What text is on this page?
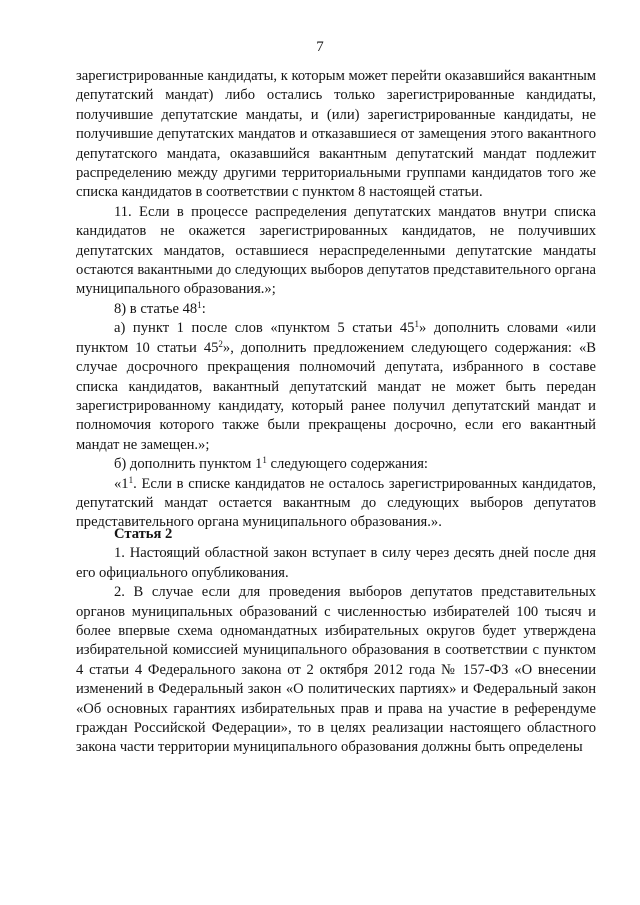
7

зарегистрированные кандидаты, к которым может перейти оказавшийся вакантным депутатский мандат) либо остались только зарегистрированные кандидаты, получившие депутатские мандаты, и (или) зарегистрированные кандидаты, не получившие депутатских мандатов и отказавшиеся от замещения этого вакантного депутатского мандата, оказавшийся вакантным депутатский мандат подлежит распределению между другими территориальными группами кандидатов того же списка кандидатов в соответствии с пунктом 8 настоящей статьи.

11. Если в процессе распределения депутатских мандатов внутри списка кандидатов не окажется зарегистрированных кандидатов, не получивших депутатских мандатов, оставшиеся нераспределенными депутатские мандаты остаются вакантными до следующих выборов депутатов представительного органа муниципального образования.»;

8) в статье $48^1$:

а) пункт 1 после слов «пунктом 5 статьи $45^1$» дополнить словами «или пунктом 10 статьи $45^2$», дополнить предложением следующего содержания: «В случае досрочного прекращения полномочий депутата, избранного в составе списка кандидатов, вакантный депутатский мандат не может быть передан зарегистрированному кандидату, который ранее получил депутатский мандат и полномочия которого также были прекращены досрочно, если его вакантный мандат не замещен.»;

б) дополнить пунктом $1^1$ следующего содержания:

«$1^1$. Если в списке кандидатов не осталось зарегистрированных кандидатов, депутатский мандат остается вакантным до следующих выборов депутатов представительного органа муниципального образования.».

Статья 2

1. Настоящий областной закон вступает в силу через десять дней после дня его официального опубликования.

2. В случае если для проведения выборов депутатов представительных органов муниципальных образований с численностью избирателей 100 тысяч и более впервые схема одномандатных избирательных округов будет утверждена избирательной комиссией муниципального образования в соответствии с пунктом 4 статьи 4 Федерального закона от 2 октября 2012 года № 157-ФЗ «О внесении изменений в Федеральный закон «О политических партиях» и Федеральный закон «Об основных гарантиях избирательных прав и права на участие в референдуме граждан Российской Федерации», то в целях реализации настоящего областного закона части территории муниципального образования должны быть определены
